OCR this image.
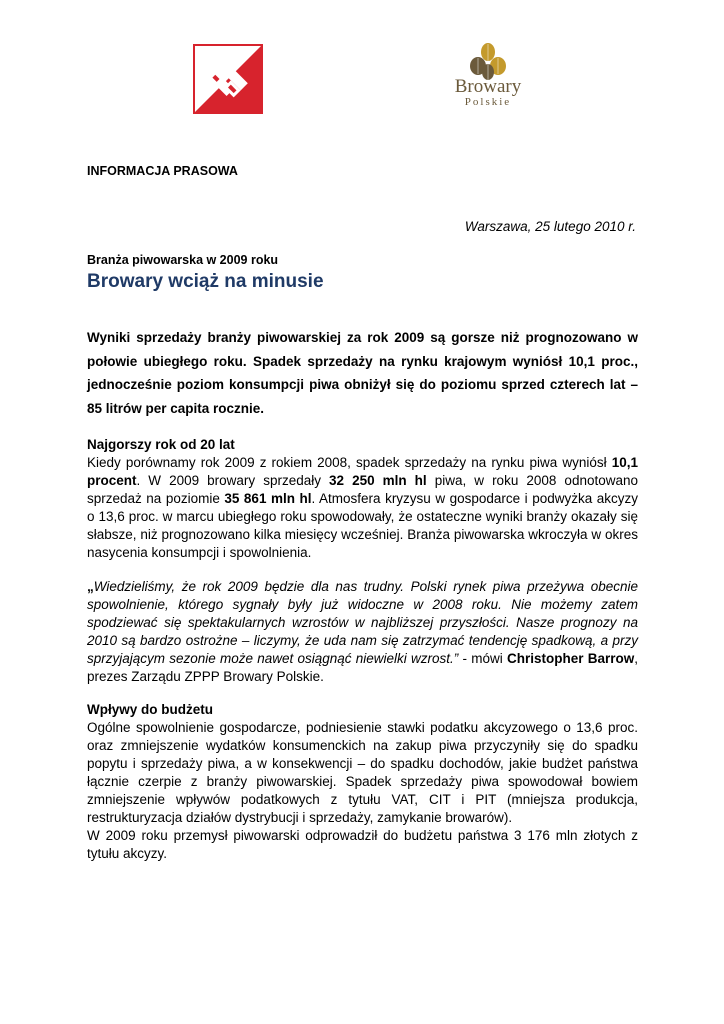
Browary
Polskie
INFORMACJA PRASOWA
Warszawa, 25 lutego 2010 r.
Branża piwowarska w 2009 roku
Browary wciąż na minusie
Wyniki sprzedaży branży piwowarskiej za rok 2009 są gorsze niż prognozowano w połowie ubiegłego roku. Spadek sprzedaży na rynku krajowym wyniósł 10,1 proc., jednocześnie poziom konsumpcji piwa obniżył się do poziomu sprzed czterech lat – 85 litrów per capita rocznie.
Najgorszy rok od 20 lat

Kiedy porównamy rok 2009 z rokiem 2008, spadek sprzedaży na rynku piwa wyniósł 10,1 procent. W 2009 browary sprzedały 32 250 mln hl piwa, w roku 2008 odnotowano sprzedaż na poziomie 35 861 mln hl. Atmosfera kryzysu w gospodarce i podwyżka akcyzy o 13,6 proc. w marcu ubiegłego roku spowodowały, że ostateczne wyniki branży okazały się słabsze, niż prognozowano kilka miesięcy wcześniej. Branża piwowarska wkroczyła w okres nasycenia konsumpcji i spowolnienia.

„Wiedzieliśmy, że rok 2009 będzie dla nas trudny. Polski rynek piwa przeżywa obecnie spowolnienie, którego sygnały były już widoczne w 2008 roku. Nie możemy zatem spodziewać się spektakularnych wzrostów w najbliższej przyszłości. Nasze prognozy na 2010 są bardzo ostrożne – liczymy, że uda nam się zatrzymać tendencję spadkową, a przy sprzyjającym sezonie może nawet osiągnąć niewielki wzrost.” - mówi Christopher Barrow, prezes Zarządu ZPPP Browary Polskie.

Wpływy do budżetu

Ogólne spowolnienie gospodarcze, podniesienie stawki podatku akcyzowego o 13,6 proc. oraz zmniejszenie wydatków konsumenckich na zakup piwa przyczyniły się do spadku popytu i sprzedaży piwa, a w konsekwencji – do spadku dochodów, jakie budżet państwa łącznie czerpie z branży piwowarskiej. Spadek sprzedaży piwa spowodował bowiem zmniejszenie wpływów podatkowych z tytułu VAT, CIT i PIT (mniejsza produkcja, restrukturyzacja działów dystrybucji i sprzedaży, zamykanie browarów).

W 2009 roku przemysł piwowarski odprowadził do budżetu państwa 3 176 mln złotych z tytułu akcyzy.
